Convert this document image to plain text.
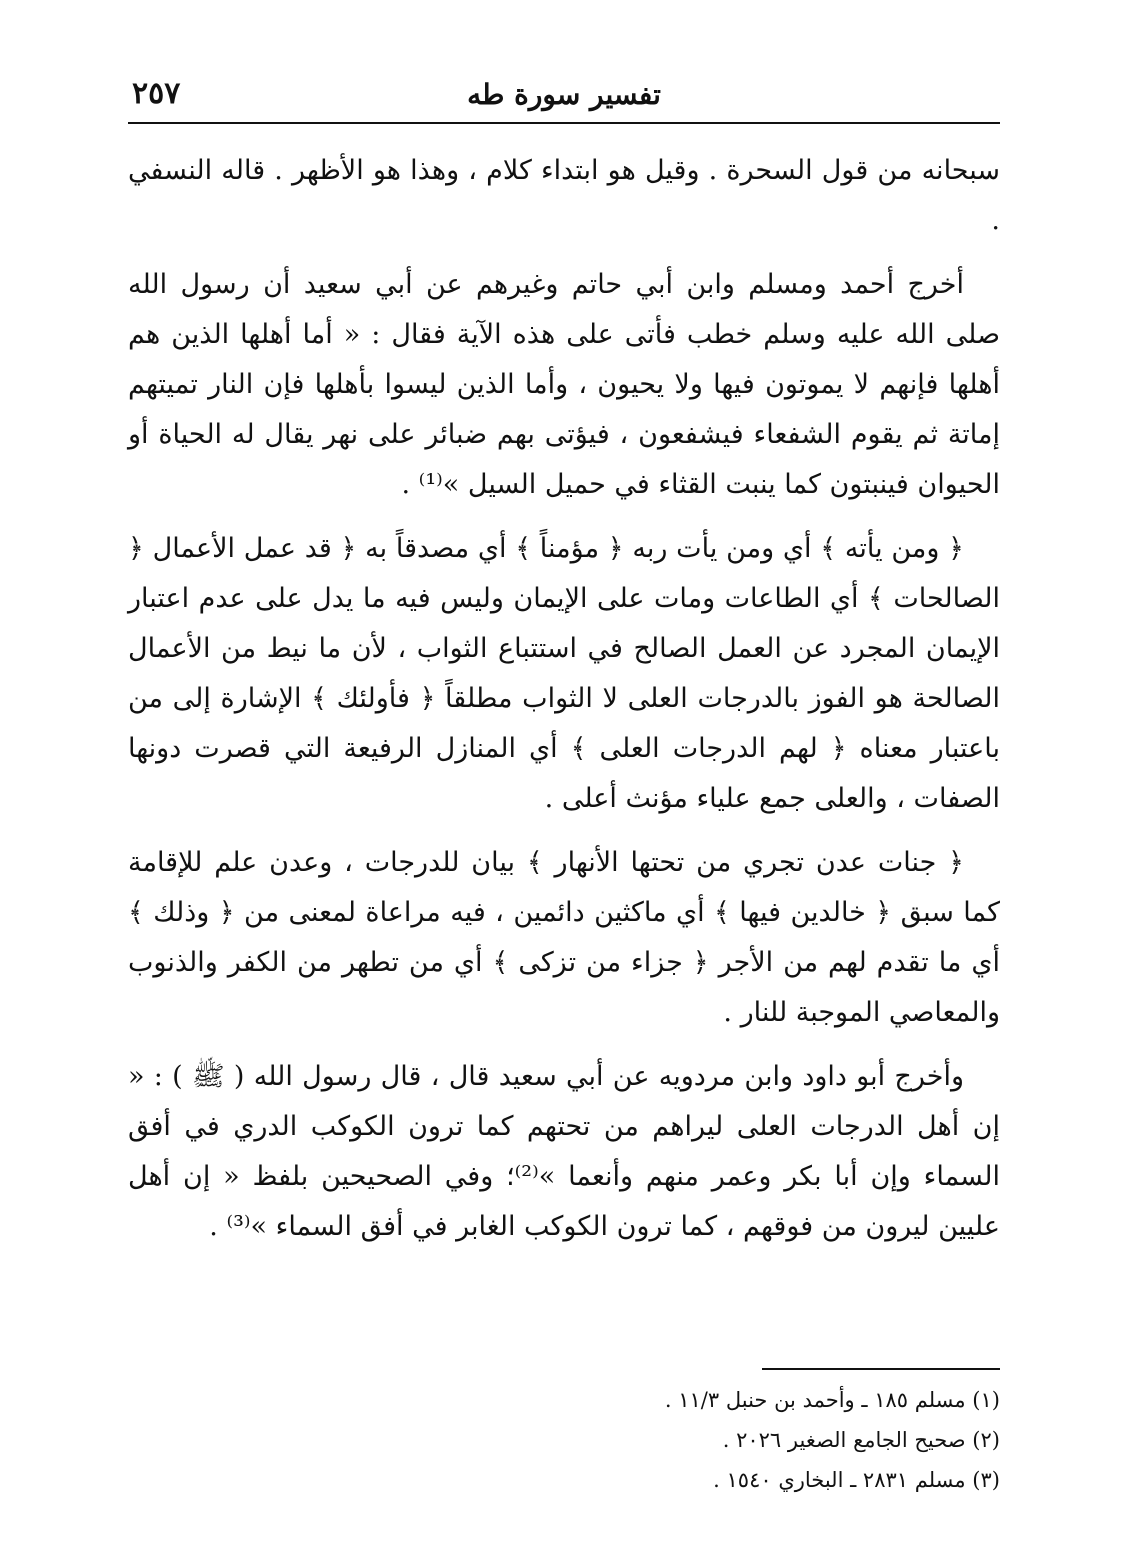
٢٥٧	تفسير سورة طه

سبحانه من قول السحرة . وقيل هو ابتداء كلام ، وهذا هو الأظهر . قاله النسفي .

أخرج أحمد ومسلم وابن أبي حاتم وغيرهم عن أبي سعيد أن رسول الله صلى الله عليه وسلم خطب فأتى على هذه الآية فقال : « أما أهلها الذين هم أهلها فإنهم لا يموتون فيها ولا يحيون ، وأما الذين ليسوا بأهلها فإن النار تميتهم إماتة ثم يقوم الشفعاء فيشفعون ، فيؤتى بهم ضبائر على نهر يقال له الحياة أو الحيوان فينبتون كما ينبت القثاء في حميل السيل »⁽¹⁾ .

﴿ ومن يأته ﴾ أي ومن يأت ربه ﴿ مؤمناً ﴾ أي مصدقاً به ﴿ قد عمل الأعمال ﴿ الصالحات ﴾ أي الطاعات ومات على الإيمان وليس فيه ما يدل على عدم اعتبار الإيمان المجرد عن العمل الصالح في استتباع الثواب ، لأن ما نيط من الأعمال الصالحة هو الفوز بالدرجات العلى لا الثواب مطلقاً ﴿ فأولئك ﴾ الإشارة إلى من باعتبار معناه ﴿ لهم الدرجات العلى ﴾ أي المنازل الرفيعة التي قصرت دونها الصفات ، والعلى جمع علياء مؤنث أعلى .

﴿ جنات عدن تجري من تحتها الأنهار ﴾ بيان للدرجات ، وعدن علم للإقامة كما سبق ﴿ خالدين فيها ﴾ أي ماكثين دائمين ، فيه مراعاة لمعنى من ﴿ وذلك ﴾ أي ما تقدم لهم من الأجر ﴿ جزاء من تزكى ﴾ أي من تطهر من الكفر والذنوب والمعاصي الموجبة للنار .

وأخرج أبو داود وابن مردويه عن أبي سعيد قال ، قال رسول الله ( ﷺ ) : « إن أهل الدرجات العلى ليراهم من تحتهم كما ترون الكوكب الدري في أفق السماء وإن أبا بكر وعمر منهم وأنعما »⁽²⁾؛ وفي الصحيحين بلفظ « إن أهل عليين ليرون من فوقهم ، كما ترون الكوكب الغابر في أفق السماء »⁽³⁾ .

(١) مسلم ١٨٥ ـ وأحمد بن حنبل ١١/٣ .
(٢) صحيح الجامع الصغير ٢٠٢٦ .
(٣) مسلم ٢٨٣١ ـ البخاري ١٥٤٠ .
